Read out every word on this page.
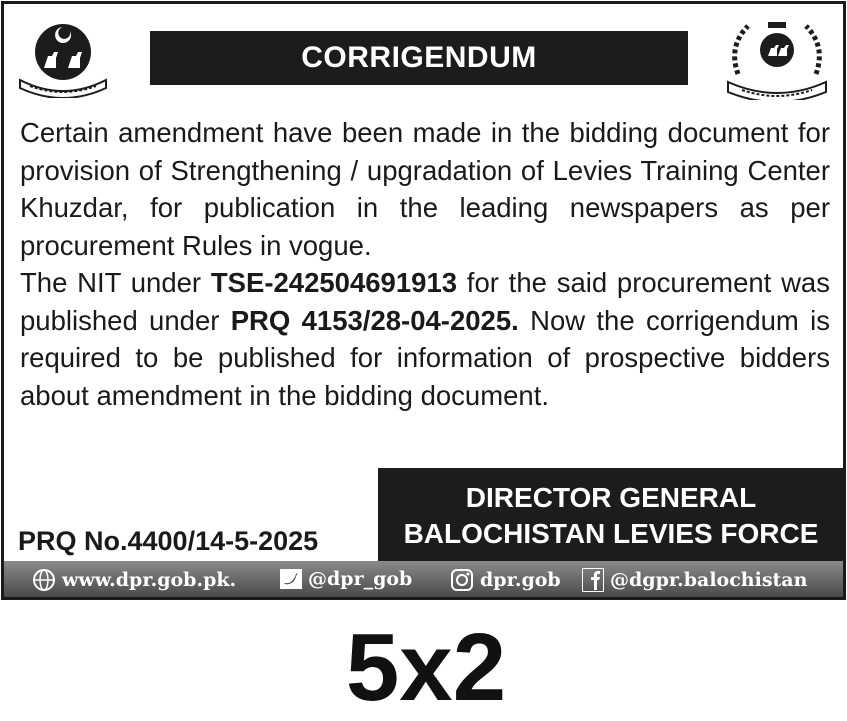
CORRIGENDUM

Certain amendment have been made in the bidding document for provision of Strengthening / upgradation of Levies Training Center Khuzdar, for publication in the leading newspapers as per procurement Rules in vogue.

The NIT under TSE-242504691913 for the said procurement was published under PRQ 4153/28-04-2025. Now the corrigendum is required to be published for information of prospective bidders about amendment in the bidding document.

PRQ No.4400/14-5-2025
DIRECTOR GENERAL
BALOCHISTAN LEVIES FORCE
www.dpr.gob.pk.	@dpr_gob	dpr.gob	@dgpr.balochistan
5x2
